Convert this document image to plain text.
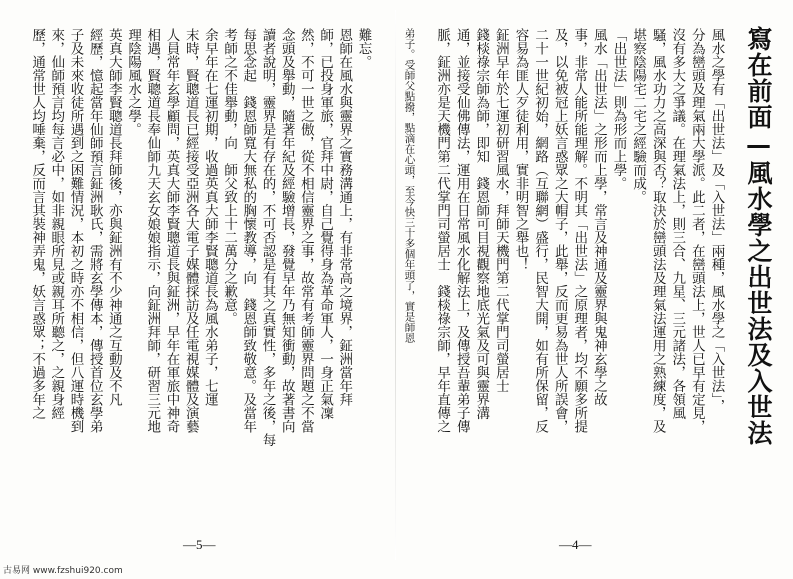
難忘。
恩師在風水與靈界之實務溝通上，有非常高之境界，鉦洲當年拜
師，已投身軍旅，官拜中尉，自己覺得身為革命軍人，一身正氣凜
然，不可一世之傲，從不相信靈界之事，故常有考師靈界問題之不當
念頭及舉動，隨著年紀及經驗增長，發覺早年乃無知衝動，故著書向
讀者說明，靈界是有存在的，不可否認是有其之真實性，多年之後，每
每思念起　錢恩師寬大無私的胸懷教導，向　錢恩師致敬意。及當年
考師之不佳舉動，向　師父致上十二萬分之歉意。
余早年在七運初期，收過英真大師李賢聰道長為風水弟子，七運
末時，賢聰道長已經接受亞洲各大電子媒體採訪及任電視媒體及演藝
人員常年玄學顧問，英真大師李賢聰道長與鉦洲，早年在軍旅中神奇
相遇，賢聰道長奉仙師九天玄女娘娘指示，向鉦洲拜師，研習三元地
理陰陽風水之學。
英真大師李賢聰道長拜師後，亦與鉦洲有不少神通之互動及不凡
經歷，憶起當年仙師預言鉦洲耿氏，需將玄學傳本，傳授首位玄學弟
子及未來收徒所遇到之困難情況，本初之時亦不相信，但八運時機到
來，仙師預言均每言必中，如非親眼所見或親耳所聽之，之親身經
歷，通常世人均唾棄，反而言其裝神弄鬼，妖言惑眾；不過多年之
—5—
寫在前面—風水學之出世法及入世法
風水之學有「出世法」及「入世法」兩種，風水學之「入世法」，
分為巒頭及理氣兩大學派。此二者，在巒頭法上，世人已早有定見，
沒有多大之爭議。在理氣法上，則三合、九星、三元諸法，各領風
騷，風水功力之高深與否？取決於巒頭法及理氣法運用之熟練度，及
堪察陰陽宅二宅之經驗而成。
「出世法」則為形而上學。
風水「出世法」之形而上學，常言及神通及靈界與鬼神玄學之故
事，非常人能所能理解。不明其「出世法」之原理者，均不願多所提
及，以免被冠上妖言惑眾之大帽子，此舉，反而更易為世人所誤會，
二十一世紀初始，網路（互聯網）盛行，民智大開，如有所保留，反
容易為匪人歹徒利用，實非明智之舉也！
鉦洲早年於七運初研習風水，拜師天機門第二代掌門司螢居士
錢棪祿宗師為師，即知　錢恩師可目視觀察地底光氣及可與靈界溝
通，並接受仙佛傳法，運用在日常風水化解法上，及傳授吾輩弟子傳
脈，鉦洲亦是天機門第二代掌門司螢居士　錢棪祿宗師，早年直傳之
弟子。受師父點撥，點滴在心頭，至今快三十多個年頭了，實是師恩
—4—
古易网 www.fzshui920.com
